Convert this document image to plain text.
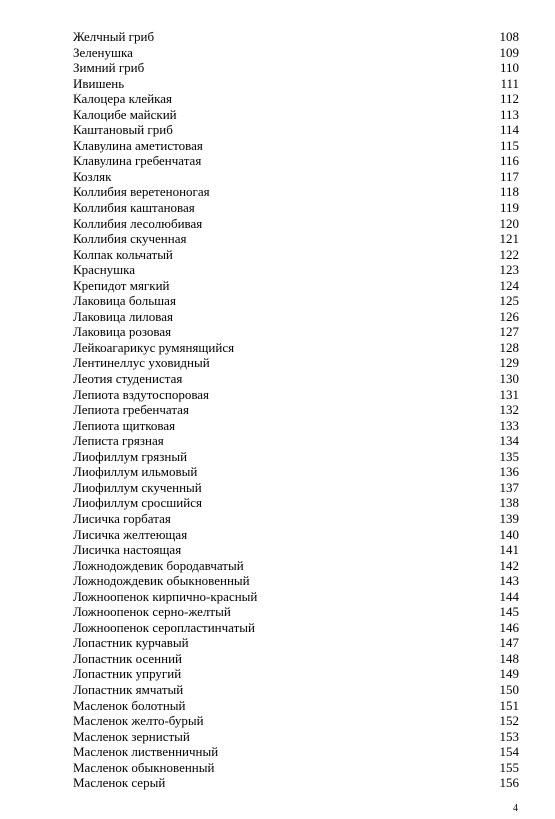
Желчный гриб	108
Зеленушка	109
Зимний гриб	110
Ивишень	111
Калоцера клейкая	112
Калоцибе майский	113
Каштановый гриб	114
Клавулина аметистовая	115
Клавулина гребенчатая	116
Козляк	117
Коллибия веретеноногая	118
Коллибия каштановая	119
Коллибия лесолюбивая	120
Коллибия скученная	121
Колпак кольчатый	122
Краснушка	123
Крепидот мягкий	124
Лаковица большая	125
Лаковица лиловая	126
Лаковица розовая	127
Лейкоагарикус румянящийся	128
Лентинеллус уховидный	129
Леотия студенистая	130
Лепиота вздутоспоровая	131
Лепиота гребенчатая	132
Лепиота щитковая	133
Леписта грязная	134
Лиофиллум грязный	135
Лиофиллум ильмовый	136
Лиофиллум скученный	137
Лиофиллум сросшийся	138
Лисичка горбатая	139
Лисичка желтеющая	140
Лисичка настоящая	141
Ложнодождевик бородавчатый	142
Ложнодождевик обыкновенный	143
Ложноопенок кирпично-красный	144
Ложноопенок серно-желтый	145
Ложноопенок серопластинчатый	146
Лопастник курчавый	147
Лопастник осенний	148
Лопастник упругий	149
Лопастник ямчатый	150
Масленок болотный	151
Масленок желто-бурый	152
Масленок зернистый	153
Масленок лиственничный	154
Масленок обыкновенный	155
Масленок серый	156
4
